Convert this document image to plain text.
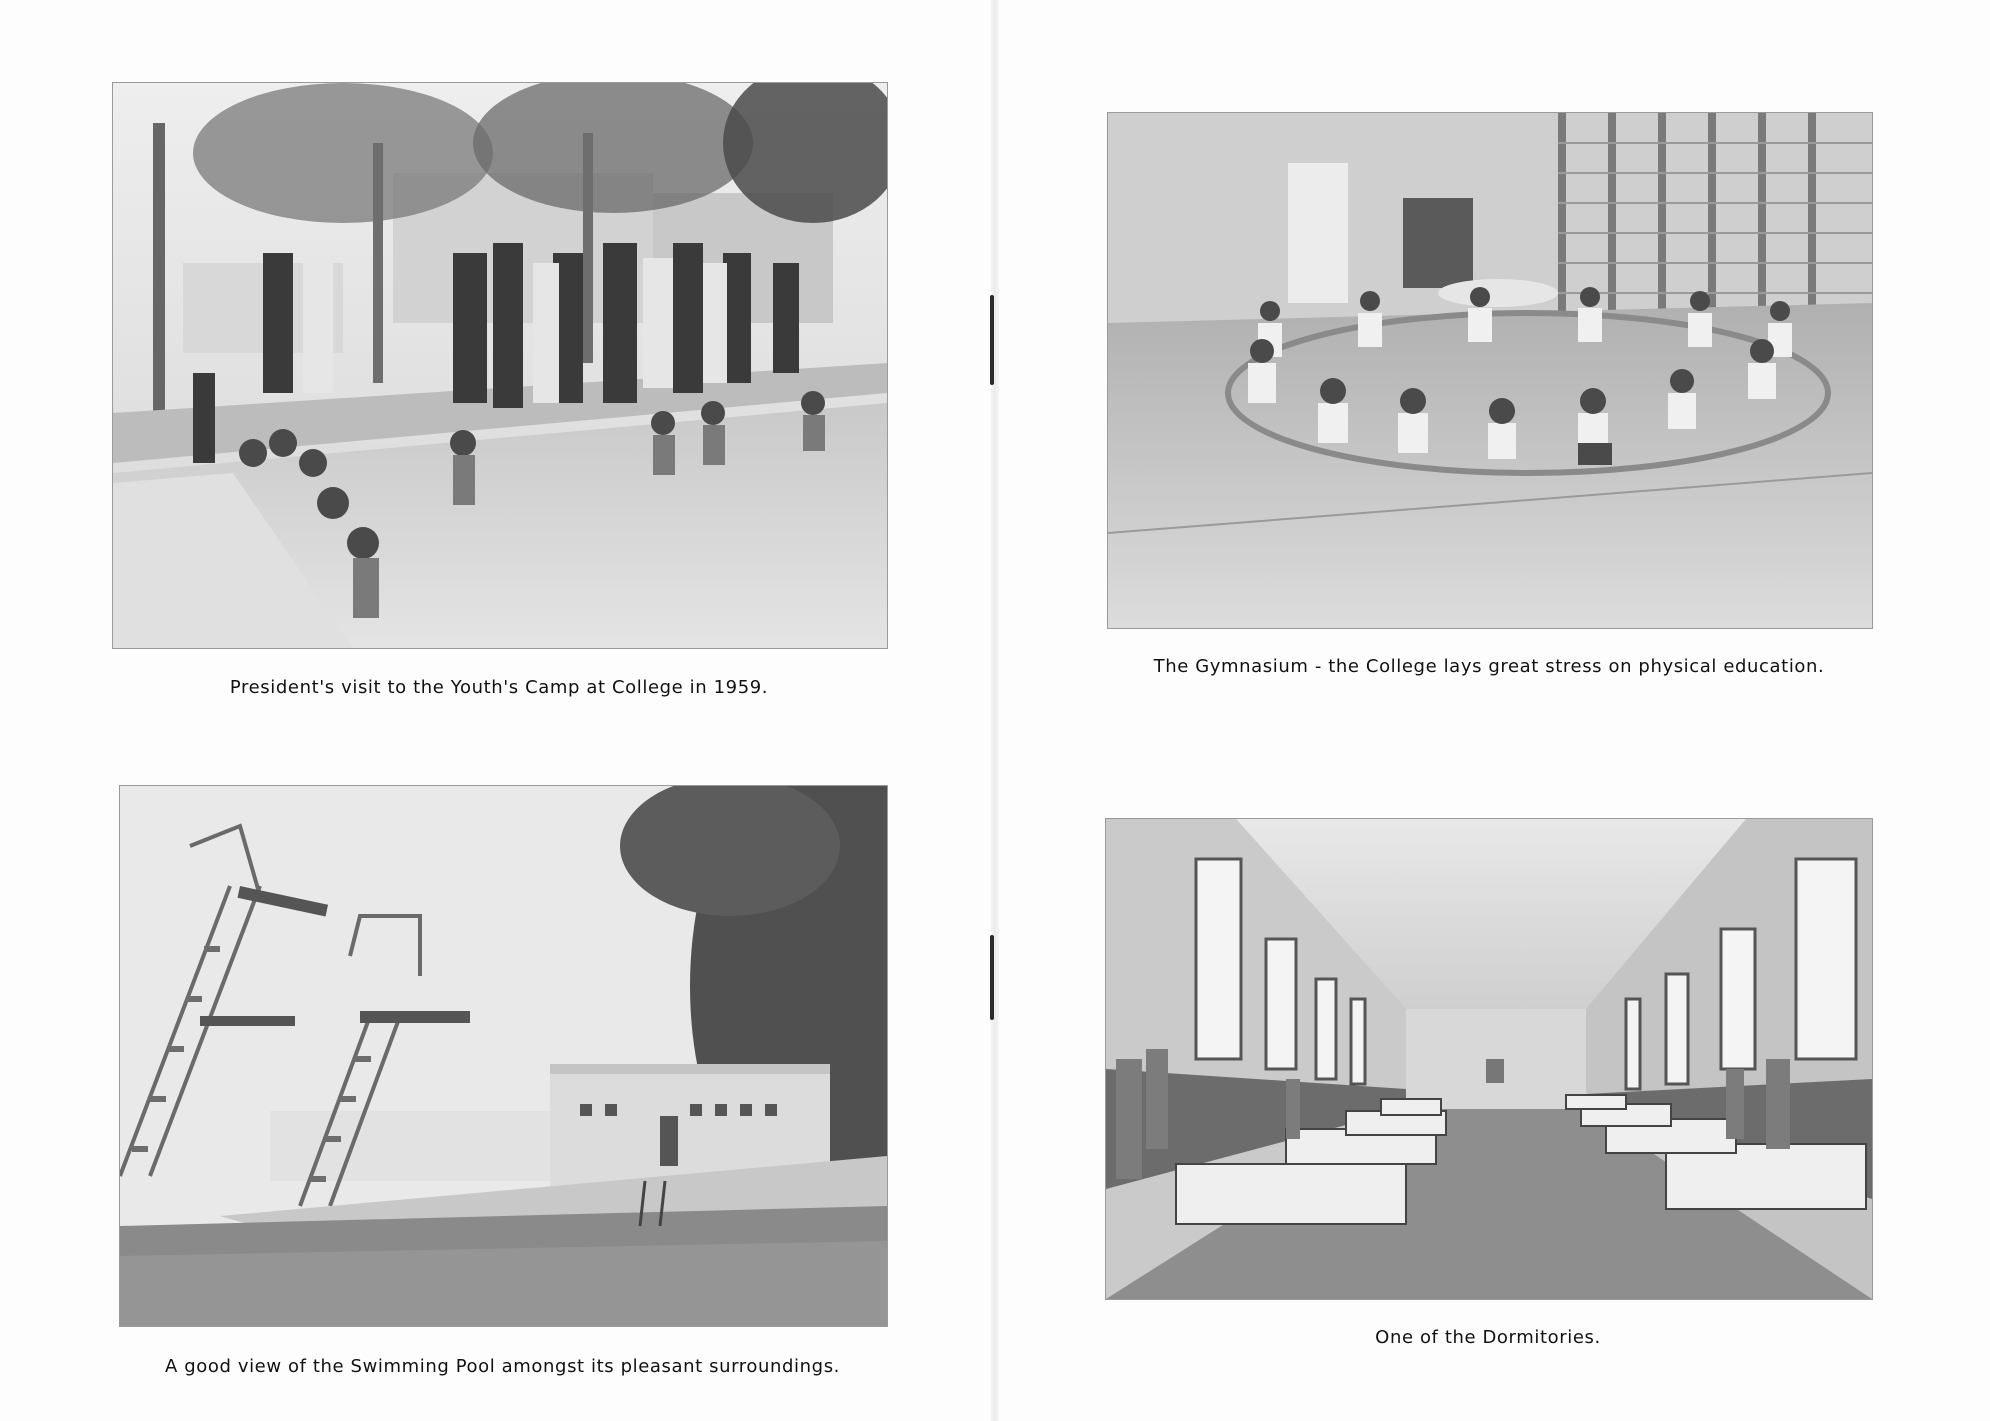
President's visit to the Youth's Camp at College in 1959.
A good view of the Swimming Pool amongst its pleasant surroundings.
The Gymnasium - the College lays great stress on physical education.
One of the Dormitories.
